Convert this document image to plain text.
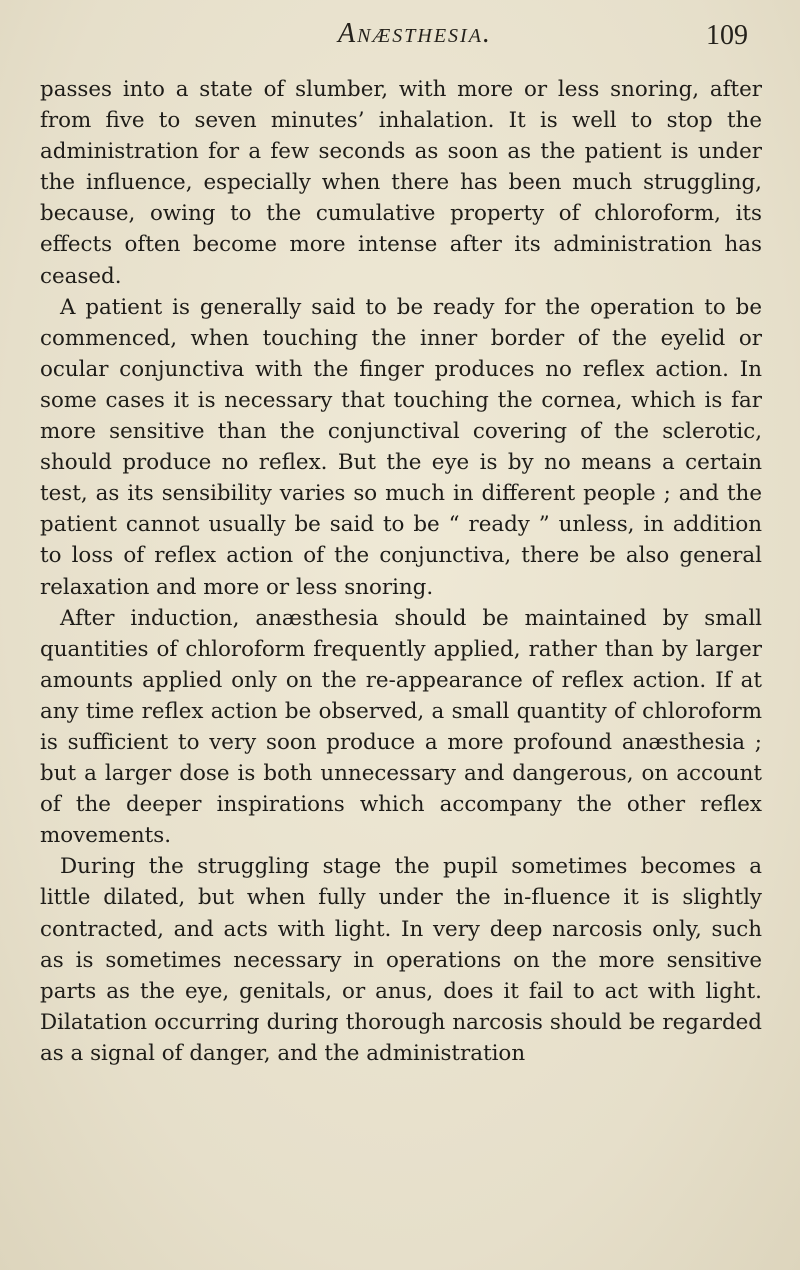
Anæsthesia.	109

passes into a state of slumber, with more or less snoring, after from five to seven minutes’ inhalation. It is well to stop the administration for a few seconds as soon as the patient is under the influence, especially when there has been much struggling, because, owing to the cumulative property of chloroform, its effects often become more intense after its administration has ceased.

A patient is generally said to be ready for the operation to be commenced, when touching the inner border of the eyelid or ocular conjunctiva with the finger produces no reflex action. In some cases it is necessary that touching the cornea, which is far more sensitive than the conjunctival covering of the sclerotic, should produce no reflex. But the eye is by no means a certain test, as its sensibility varies so much in different people ; and the patient cannot usually be said to be “ ready ” unless, in addition to loss of reflex action of the conjunctiva, there be also general relaxation and more or less snoring.

After induction, anæsthesia should be maintained by small quantities of chloroform frequently applied, rather than by larger amounts applied only on the re-appearance of reflex action. If at any time reflex action be observed, a small quantity of chloroform is sufficient to very soon produce a more profound anæsthesia ; but a larger dose is both unnecessary and dangerous, on account of the deeper inspirations which accompany the other reflex movements.

During the struggling stage the pupil sometimes becomes a little dilated, but when fully under the in-fluence it is slightly contracted, and acts with light. In very deep narcosis only, such as is sometimes necessary in operations on the more sensitive parts as the eye, genitals, or anus, does it fail to act with light. Dilatation occurring during thorough narcosis should be regarded as a signal of danger, and the administration
